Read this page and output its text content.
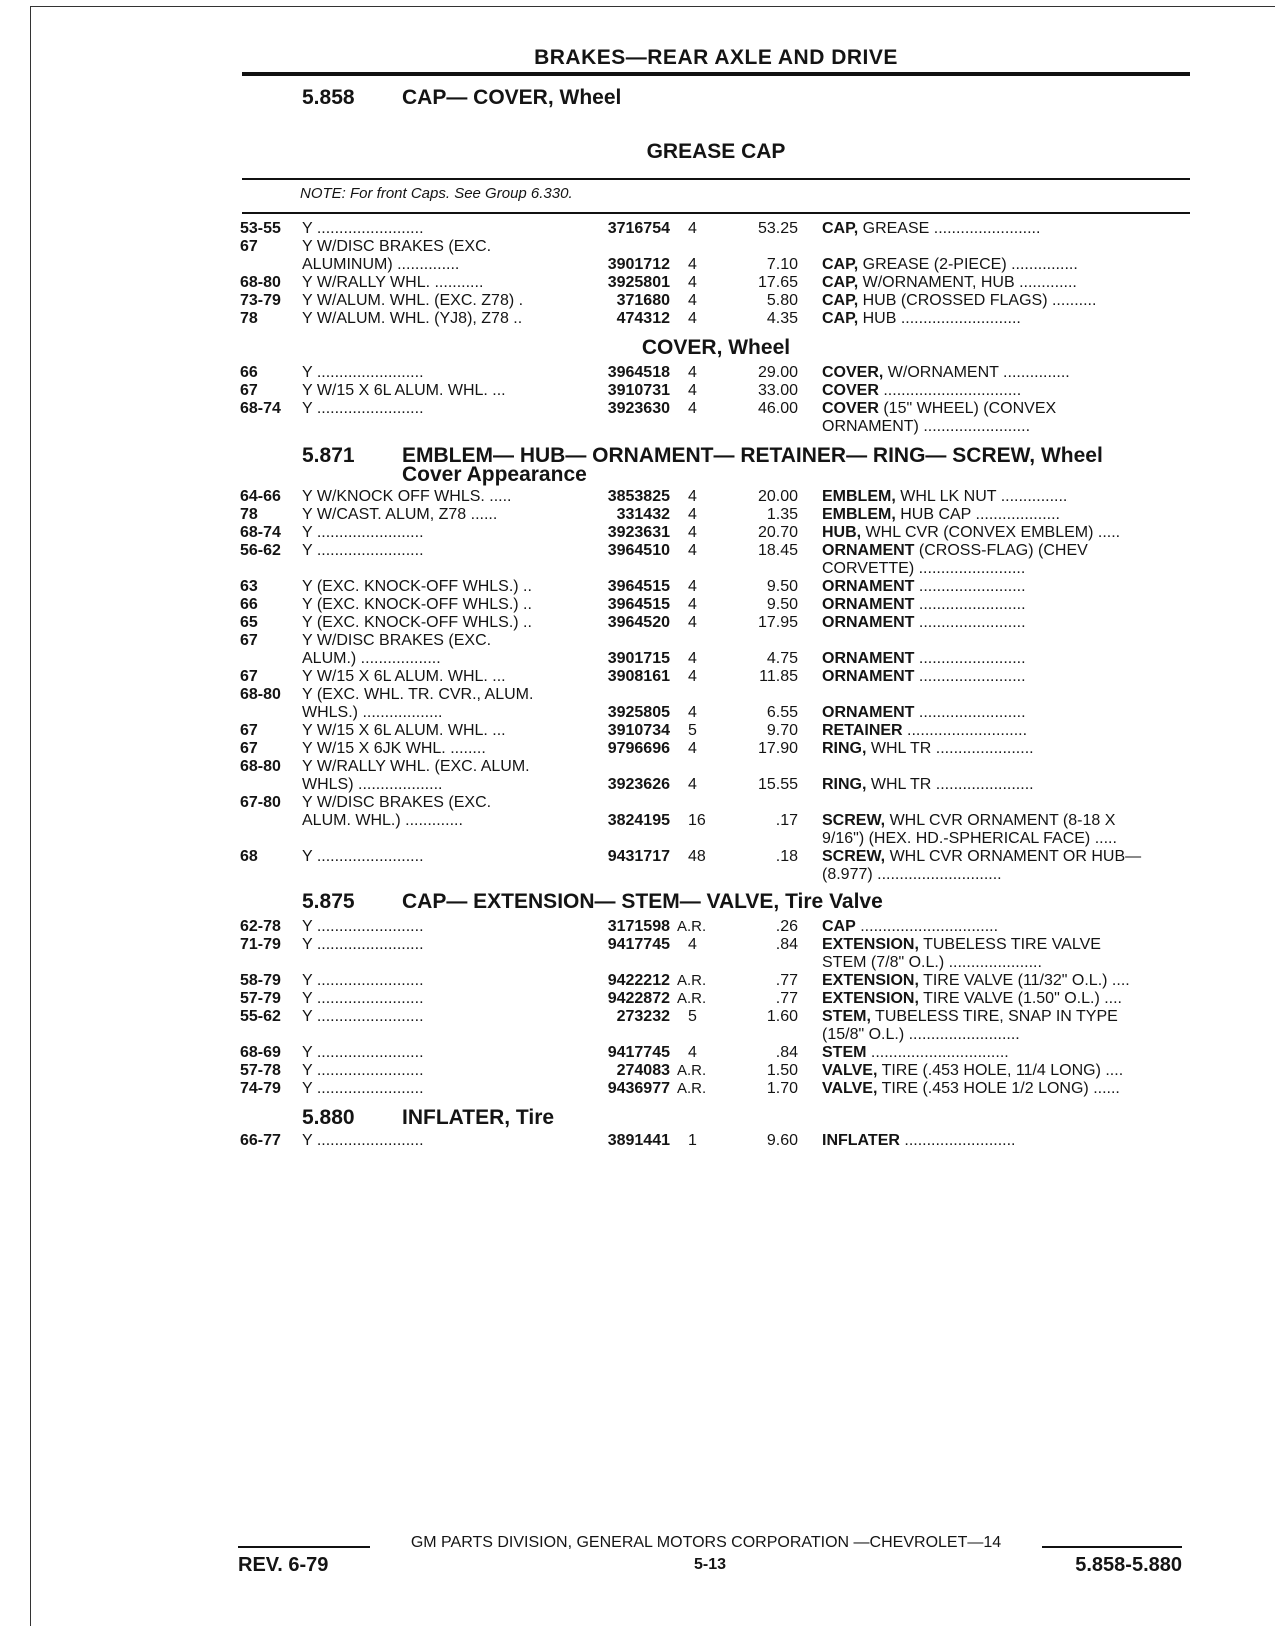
BRAKES—REAR AXLE AND DRIVE
5.858 CAP— COVER, Wheel
GREASE CAP
NOTE: For front Caps. See Group 6.330.
COVER, Wheel
5.871 EMBLEM— HUB— ORNAMENT— RETAINER— RING— SCREW, Wheel
Cover Appearance
5.875 CAP— EXTENSION— STEM— VALVE, Tire Valve
5.880 INFLATER, Tire
53-55 Y ........................	3716754 4	53.25 CAP, GREASE ........................
67	Y W/DISC BRAKES (EXC.
ALUMINUM) ..............	3901712 4	7.10 CAP, GREASE (2-PIECE) ...............
68-80 Y W/RALLY WHL. ...........	3925801 4	17.65 CAP, W/ORNAMENT, HUB .............
73-79 Y W/ALUM. WHL. (EXC. Z78) .	371680 4	5.80 CAP, HUB (CROSSED FLAGS) ..........
78	Y W/ALUM. WHL. (YJ8), Z78 ..	474312 4	4.35 CAP, HUB ...........................
66	Y ........................	3964518 4	29.00 COVER, W/ORNAMENT ...............
67	Y W/15 X 6L ALUM. WHL. ...	3910731 4	33.00 COVER ...............................
68-74 Y ........................	3923630 4	46.00 COVER (15" WHEEL) (CONVEX
ORNAMENT) ........................
64-66 Y W/KNOCK OFF WHLS. .....	3853825 4	20.00 EMBLEM, WHL LK NUT ...............
78	Y W/CAST. ALUM, Z78 ......	331432 4	1.35 EMBLEM, HUB CAP ...................
68-74 Y ........................	3923631 4	20.70 HUB, WHL CVR (CONVEX EMBLEM) .....
56-62 Y ........................	3964510 4	18.45 ORNAMENT (CROSS-FLAG) (CHEV
CORVETTE) ........................
63	Y (EXC. KNOCK-OFF WHLS.) ..	3964515 4	9.50 ORNAMENT ........................
66	Y (EXC. KNOCK-OFF WHLS.) ..	3964515 4	9.50 ORNAMENT ........................
65	Y (EXC. KNOCK-OFF WHLS.) ..	3964520 4	17.95 ORNAMENT ........................
67	Y W/DISC BRAKES (EXC.
ALUM.) ..................	3901715 4	4.75 ORNAMENT ........................
67	Y W/15 X 6L ALUM. WHL. ...	3908161 4	11.85 ORNAMENT ........................
68-80 Y (EXC. WHL. TR. CVR., ALUM.
WHLS.) ..................	3925805 4	6.55 ORNAMENT ........................
67	Y W/15 X 6L ALUM. WHL. ...	3910734 5	9.70 RETAINER ...........................
67	Y W/15 X 6JK WHL. ........	9796696 4	17.90 RING, WHL TR ......................
68-80 Y W/RALLY WHL. (EXC. ALUM.
WHLS) ...................	3923626 4	15.55 RING, WHL TR ......................
67-80 Y W/DISC BRAKES (EXC.
ALUM. WHL.) .............	3824195 16	.17 SCREW, WHL CVR ORNAMENT (8-18 X
9/16") (HEX. HD.-SPHERICAL FACE) .....
68	Y ........................	9431717 48	.18 SCREW, WHL CVR ORNAMENT OR HUB—
(8.977) ............................
62-78 Y ........................	3171598 A.R.	.26 CAP ...............................
71-79 Y ........................	9417745 4	.84 EXTENSION, TUBELESS TIRE VALVE
STEM (7/8" O.L.) .....................
58-79 Y ........................	9422212 A.R.	.77 EXTENSION, TIRE VALVE (11/32" O.L.) ....
57-79 Y ........................	9422872 A.R.	.77 EXTENSION, TIRE VALVE (1.50" O.L.) ....
55-62 Y ........................	273232 5	1.60 STEM, TUBELESS TIRE, SNAP IN TYPE
(15/8" O.L.) .........................
68-69 Y ........................	9417745 4	.84 STEM ...............................
57-78 Y ........................	274083 A.R.	1.50 VALVE, TIRE (.453 HOLE, 11/4 LONG) ....
74-79 Y ........................	9436977 A.R.	1.70 VALVE, TIRE (.453 HOLE 1/2 LONG) ......
66-77 Y ........................	3891441 1	9.60 INFLATER .........................
GM PARTS DIVISION, GENERAL MOTORS CORPORATION —CHEVROLET—14
5-13
REV. 6-79	5.858-5.880
